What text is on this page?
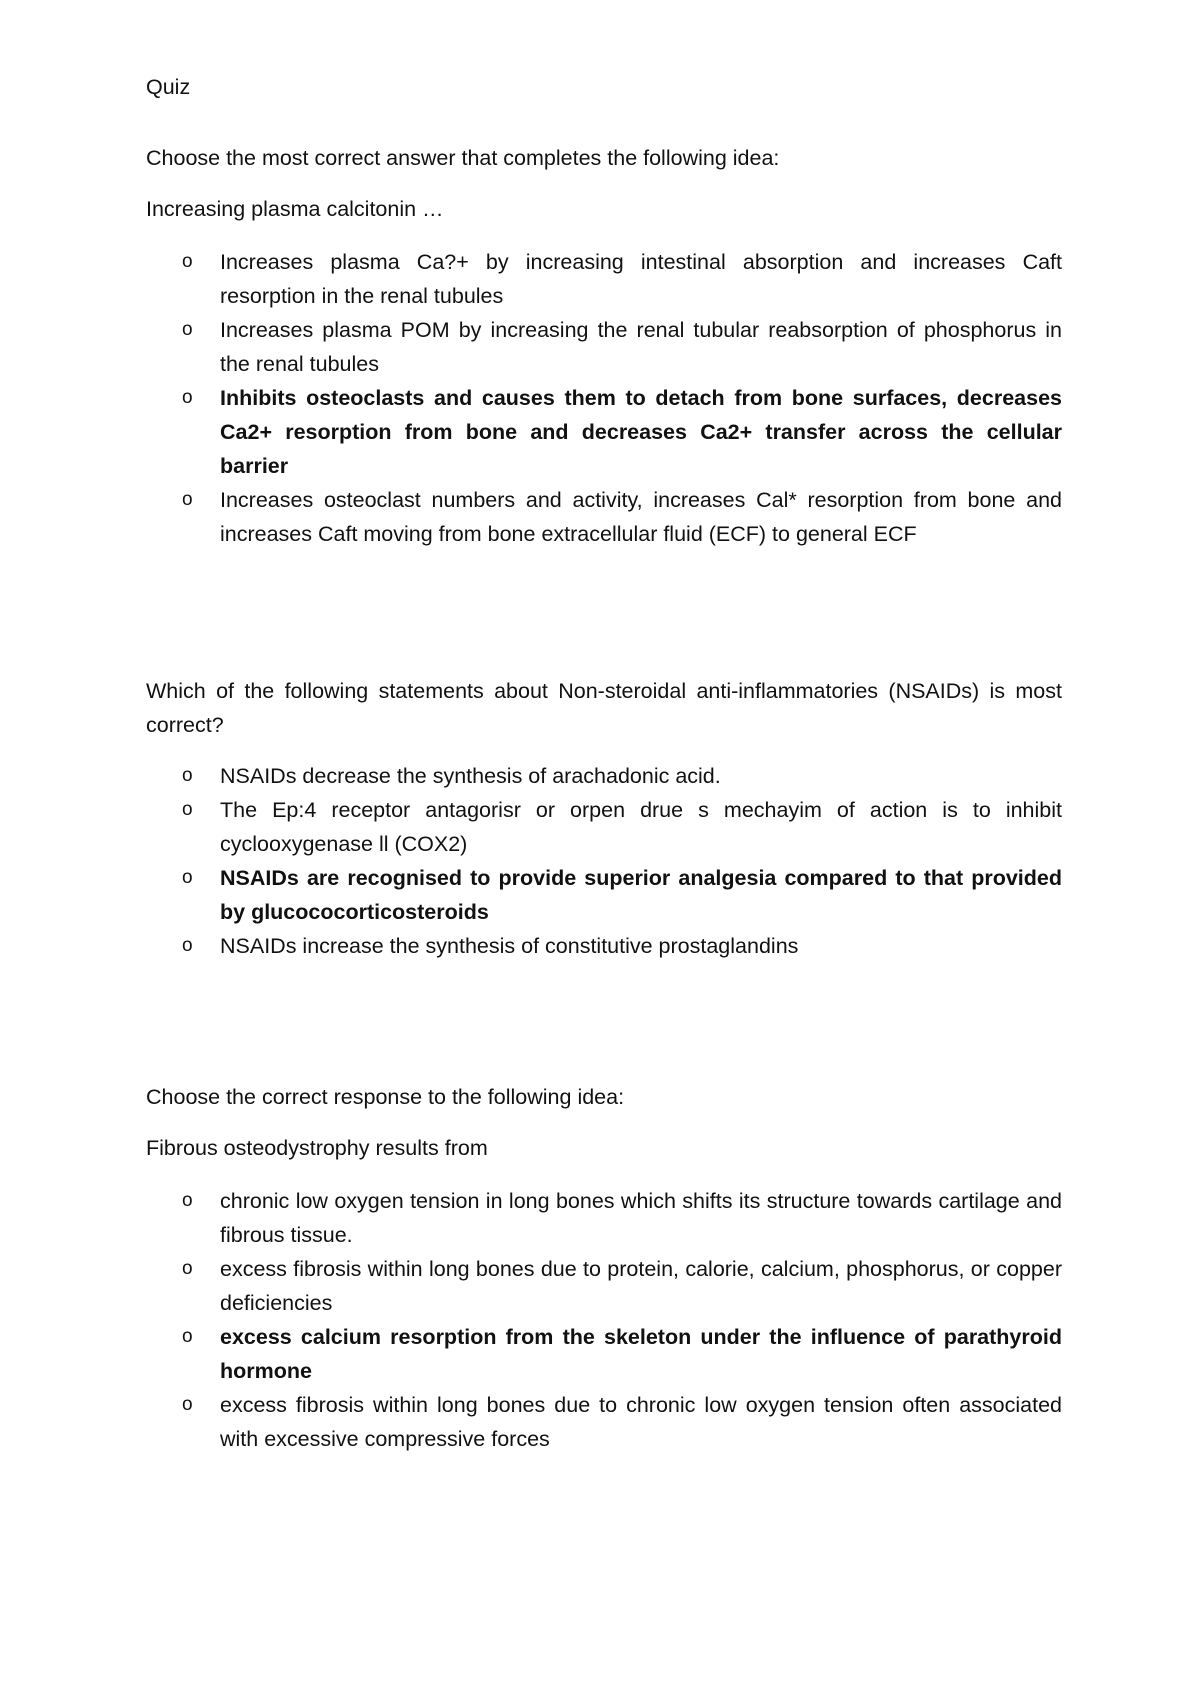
Quiz

Choose the most correct answer that completes the following idea:

Increasing plasma calcitonin …

o Increases plasma Ca?+ by increasing intestinal absorption and increases Caft resorption in the renal tubules
o Increases plasma POM by increasing the renal tubular reabsorption of phosphorus in the renal tubules
o Inhibits osteoclasts and causes them to detach from bone surfaces, decreases Ca2+ resorption from bone and decreases Ca2+ transfer across the cellular barrier
o Increases osteoclast numbers and activity, increases Cal* resorption from bone and increases Caft moving from bone extracellular fluid (ECF) to general ECF

Which of the following statements about Non-steroidal anti-inflammatories (NSAIDs) is most correct?

o NSAIDs decrease the synthesis of arachadonic acid.
o The Ep:4 receptor antagorisr or orpen drue s mechayim of action is to inhibit cyclooxygenase ll (COX2)
o NSAIDs are recognised to provide superior analgesia compared to that provided by glucococorticosteroids
o NSAIDs increase the synthesis of constitutive prostaglandins

Choose the correct response to the following idea:

Fibrous osteodystrophy results from

o chronic low oxygen tension in long bones which shifts its structure towards cartilage and fibrous tissue.
o excess fibrosis within long bones due to protein, calorie, calcium, phosphorus, or copper deficiencies
o excess calcium resorption from the skeleton under the influence of parathyroid hormone
o excess fibrosis within long bones due to chronic low oxygen tension often associated with excessive compressive forces
